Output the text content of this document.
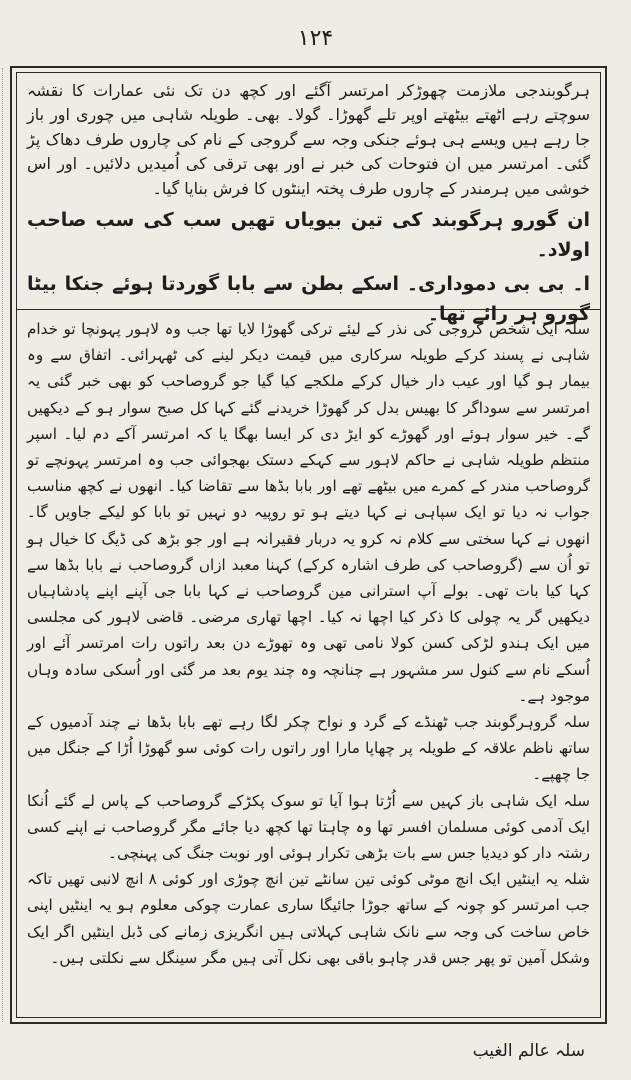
۱۲۴
ہرگوبندجی ملازمت چھوڑکر امرتسر آگئے اور کچھ دن تک نئی عمارات کا نقشہ سوچتے رہے اٹھتے بیٹھتے اوپر تلے گھوڑا۔ گولا۔ بھی۔ طویلہ شاہی میں چوری اور باز جا رہے ہیں ویسے ہی ہوئے جنکی وجہ سے گروجی کے نام کی چاروں طرف دھاک پڑ گئی۔ امرتسر میں ان فتوحات کی خبر نے اور بھی ترقی کی اُمیدیں دلائیں۔ اور اس خوشی میں ہرمندر کے چاروں طرف پختہ اینٹوں کا فرش بنایا گیا۔
ان گورو ہرگوبند کی تین بیویاں تھیں سب کی سب صاحب اولاد۔
ا۔ بی بی دموداری۔ اسکے بطن سے بابا گوردتا ہوئے جنکا بیٹا گورو ہر رائے تھا۔

سلہ ایک شخص گروجی کی نذر کے لیئے ترکی گھوڑا لایا تھا جب وہ لاہور پہونچا تو خدام شاہی نے پسند کرکے طویلہ سرکاری میں قیمت دیکر لینے کی ٹھہرائی۔ اتفاق سے وہ بیمار ہو گیا اور عیب دار خیال کرکے ملکجے کیا گیا جو گروصاحب کو بھی خبر گئی یہ امرتسر سے سوداگر کا بھیس بدل کر گھوڑا خریدنے گئے کہا کل صبح سوار ہو کے دیکھیں گے۔ خیر سوار ہوئے اور گھوڑے کو ایڑ دی کر ایسا بھگا یا کہ امرتسر آکے دم لیا۔ اسپر منتظم طویلہ شاہی نے حاکم لاہور سے کہکے دستک بھجوائی جب وہ امرتسر پہونچے تو گروصاحب مندر کے کمرے میں بیٹھے تھے اور بابا بڈھا سے تقاضا کیا۔ انھوں نے کچھ مناسب جواب نہ دیا تو ایک سپاہی نے کہا دیتے ہو تو روپیہ دو نہیں تو بابا کو لیکے جاویں گا۔ انھوں نے کہا سختی سے کلام نہ کرو یہ دربار فقیرانہ ہے اور جو بڑھ کی ڈیگ کا خیال ہو تو اُن سے (گروصاحب کی طرف اشارہ کرکے) کہنا معبد ازاں گروصاحب نے بابا بڈھا سے کہا کیا بات تھی۔ بولے آپ استرانی مین گروصاحب نے کہا بابا جی آپنے اپنے پادشاہیاں دیکھیں گر یہ چولی کا ذکر کیا اچھا نہ کیا۔ اچھا تھاری مرضی۔ قاضی لاہور کی مجلسی میں ایک ہندو لڑکی کسن کولا نامی تھی وہ تھوڑے دن بعد راتوں رات امرتسر آئے اور اُسکے نام سے کنول سر مشہور ہے چنانچہ وہ چند یوم بعد مر گئی اور اُسکی سادہ وہاں موجود ہے۔

سلہ گروہرگوبند جب ٹھنڈے کے گرد و نواح چکر لگا رہے تھے بابا بڈھا نے چند آدمیوں کے ساتھ ناظم علاقہ کے طویلہ پر چھاپا مارا اور راتوں رات کوئی سو گھوڑا اُڑا کے جنگل میں جا چھپے۔

سلہ ایک شاہی باز کہیں سے اُڑتا ہوا آیا تو سوک پکڑکے گروصاحب کے پاس لے گئے اُنکا ایک آدمی کوئی مسلمان افسر تھا وہ چاہتا تھا کچھ دیا جائے مگر گروصاحب نے اپنے کسی رشتہ دار کو دیدیا جس سے بات بڑھی تکرار ہوئی اور نوبت جنگ کی پہنچی۔

شلہ یہ اینٹیں ایک انچ موٹی کوئی تین سانٹے تین انچ چوڑی اور کوئی ۸ انچ لانبی تھیں تاکہ جب امرتسر کو چونہ کے ساتھ جوڑا جائیگا ساری عمارت چوکی معلوم ہو یہ اینٹیں اپنی خاص ساخت کی وجہ سے نانک شاہی کہلاتی ہیں انگریزی زمانے کی ڈبل اینٹیں اگر ایک وشکل آمین تو پھر جس قدر چاہو باقی بھی نکل آتی ہیں مگر سینگل سے نکلتی ہیں۔

سلہ عالم الغیب
